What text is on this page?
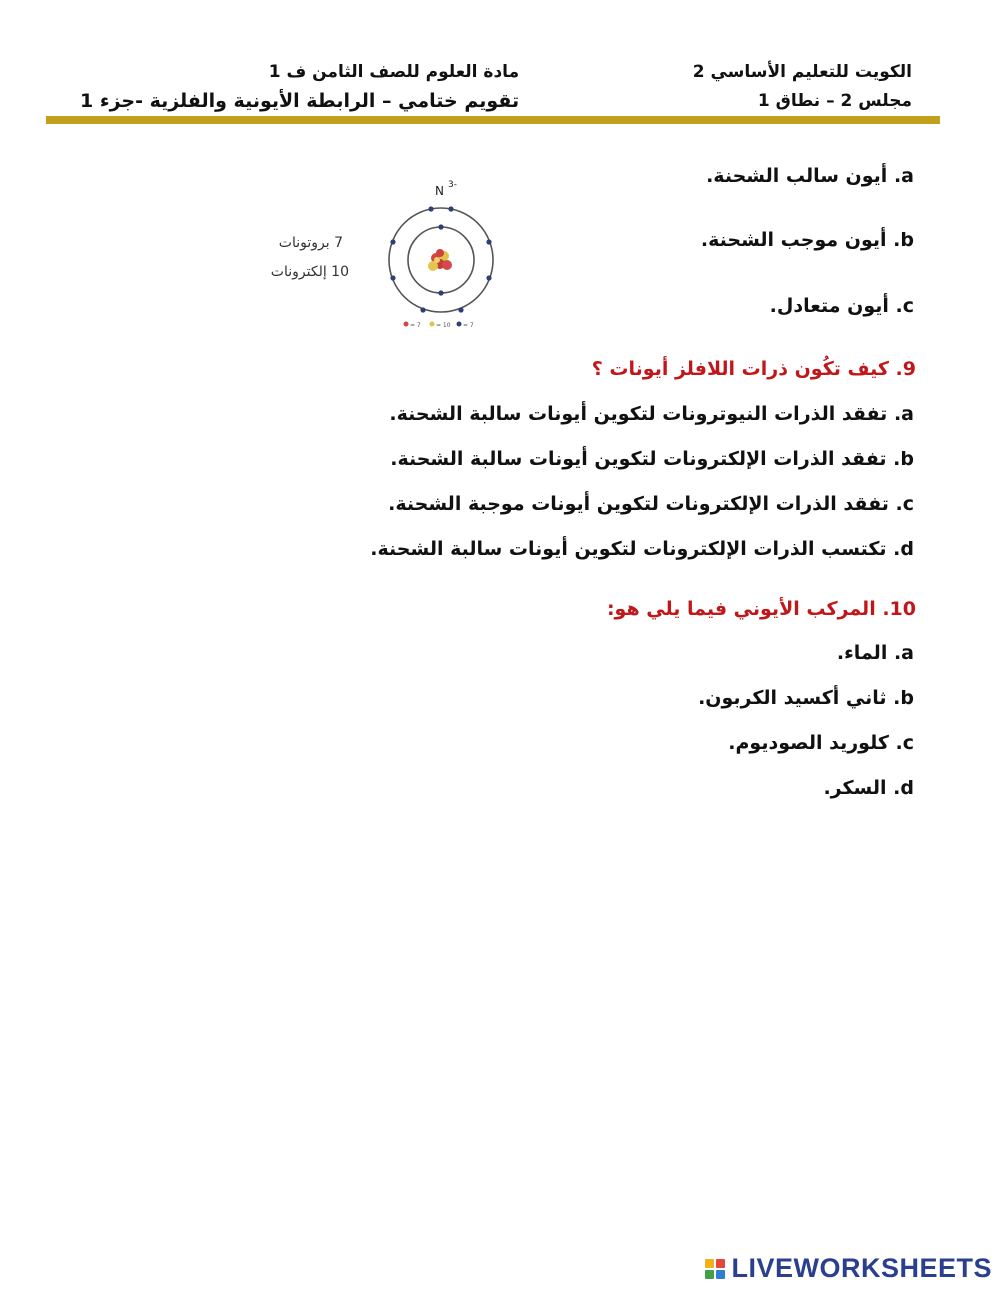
الكويت للتعليم الأساسي 2
مجلس 2 – نطاق 1
مادة العلوم للصف الثامن ف 1
تقويم ختامي – الرابطة الأيونية والفلزية -جزء 1
a. أيون سالب الشحنة.
b. أيون موجب الشحنة.
c. أيون متعادل.
N 3-
= 7	= 10 = 7
7 بروتونات
10 إلكترونات
9. كيف تكُون ذرات اللافلز أيونات ؟
a. تفقد الذرات النيوترونات لتكوين أيونات سالبة الشحنة.
b. تفقد الذرات الإلكترونات لتكوين أيونات سالبة الشحنة.
c. تفقد الذرات الإلكترونات لتكوين أيونات موجبة الشحنة.
d. تكتسب الذرات الإلكترونات لتكوين أيونات سالبة الشحنة.
10. المركب الأيوني فيما يلي هو:
a. الماء.
b. ثاني أكسيد الكربون.
c. كلوريد الصوديوم.
d. السكر.
LIVEWORKSHEETS
